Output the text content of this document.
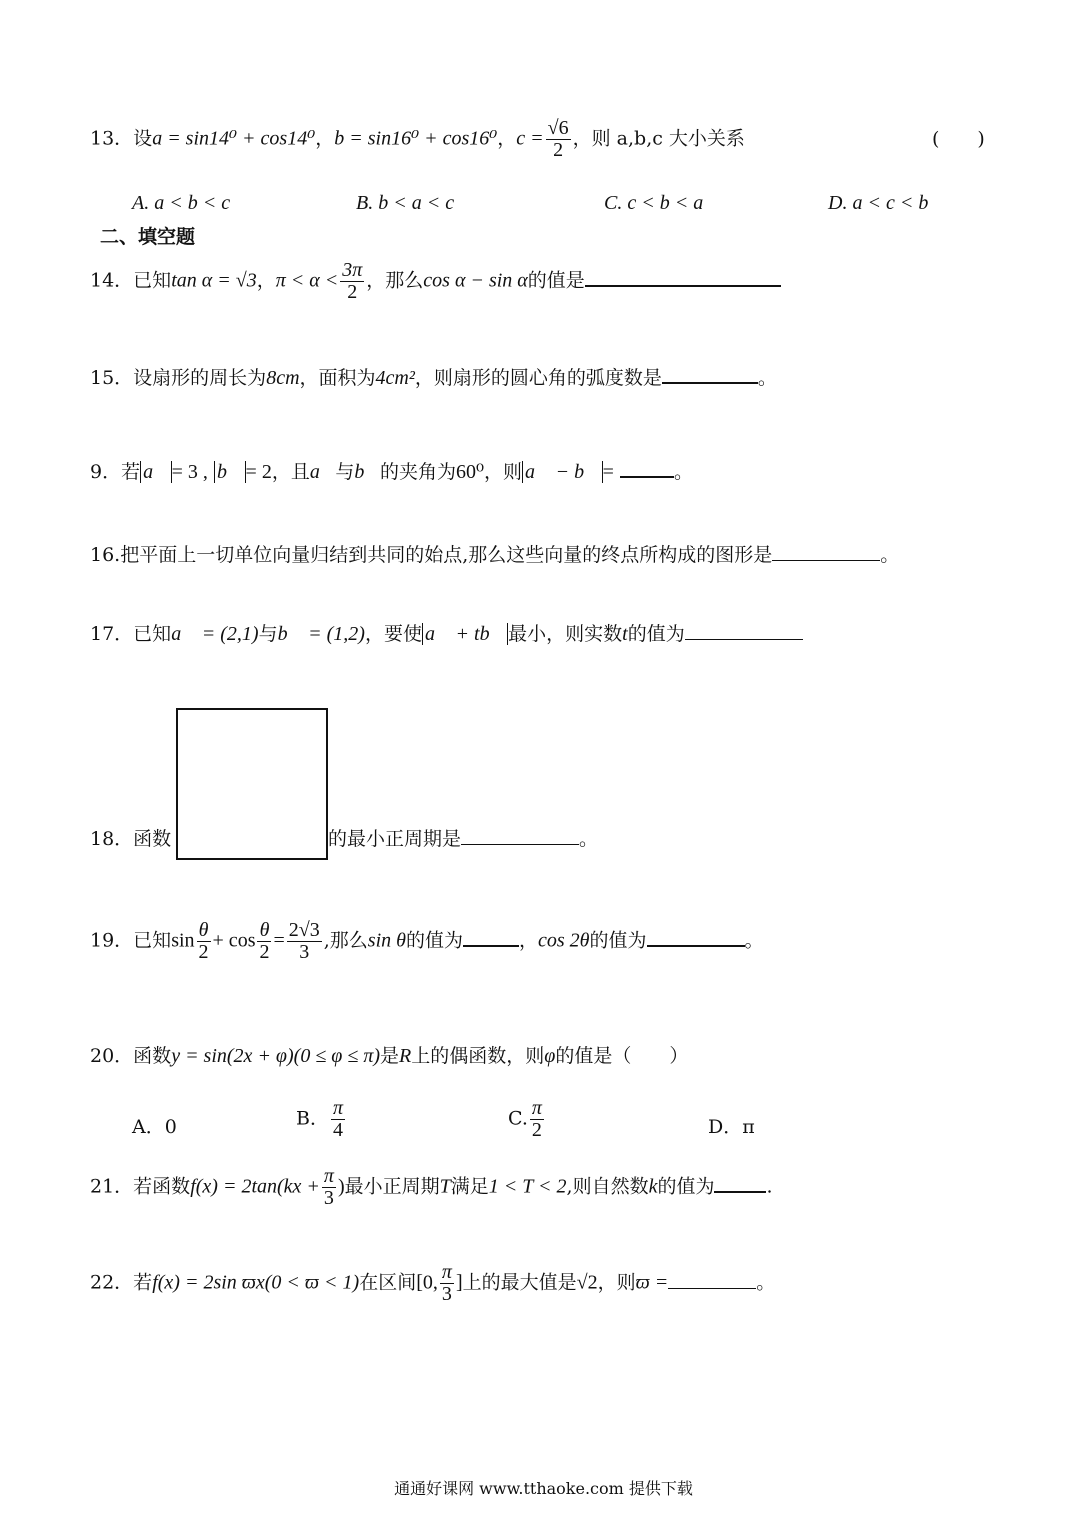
13．设a = sin14⁰ + cos14⁰，b = sin16⁰ + cos16⁰，$c = \frac{√6}{2}$ ，则 a,b,c 大小关系	(　　)
A. a < b < c	B. b < a < c	C. c < b < a	D. a < c < b
二、填空题
14．已知tan α = √3，$\pi < \alpha < \frac{3\pi}{2}$ ，那么cos α − sin α的值是
15．设扇形的周长为8cm，面积为4cm²，则扇形的圆心角的弧度数是	。
9．若 a⃗ = 3 , b⃗ = 2，且a⃗与b⃗的夹角为60⁰，则 a⃗ − b⃗ =	。
16.把平面上一切单位向量归结到共同的始点,那么这些向量的终点所构成的图形是	。
17．已知a⃗ = (2,1)与b⃗ = (1,2)，要使 a⃗ + tb⃗ 最小，则实数t的值为
18．函数	的最小正周期是	。
19．已知$\sin \frac{\theta}{2} + \cos \frac{\theta}{2} = \frac{2√3}{3}$ ,那么sin θ的值为	，cos 2θ的值为	。
20．函数y = sin(2x + φ)(0 ≤ φ ≤ π)是R上的偶函数，则φ的值是（　　）
A．0	B． $\frac{\pi}{4}$	C. $\frac{\pi}{2}$	D．π
21．若函数$f(x) = 2\tan(kx + \frac{\pi}{3}$ )最小正周期T满足1 < T < 2,则自然数k的值为	.
22．若f(x) = 2sin ϖx(0 < ϖ < 1)在区间[0, $\frac{\pi}{3}$ ]上的最大值是√2，则ϖ =	。
通通好课网 www.tthaoke.com 提供下载
